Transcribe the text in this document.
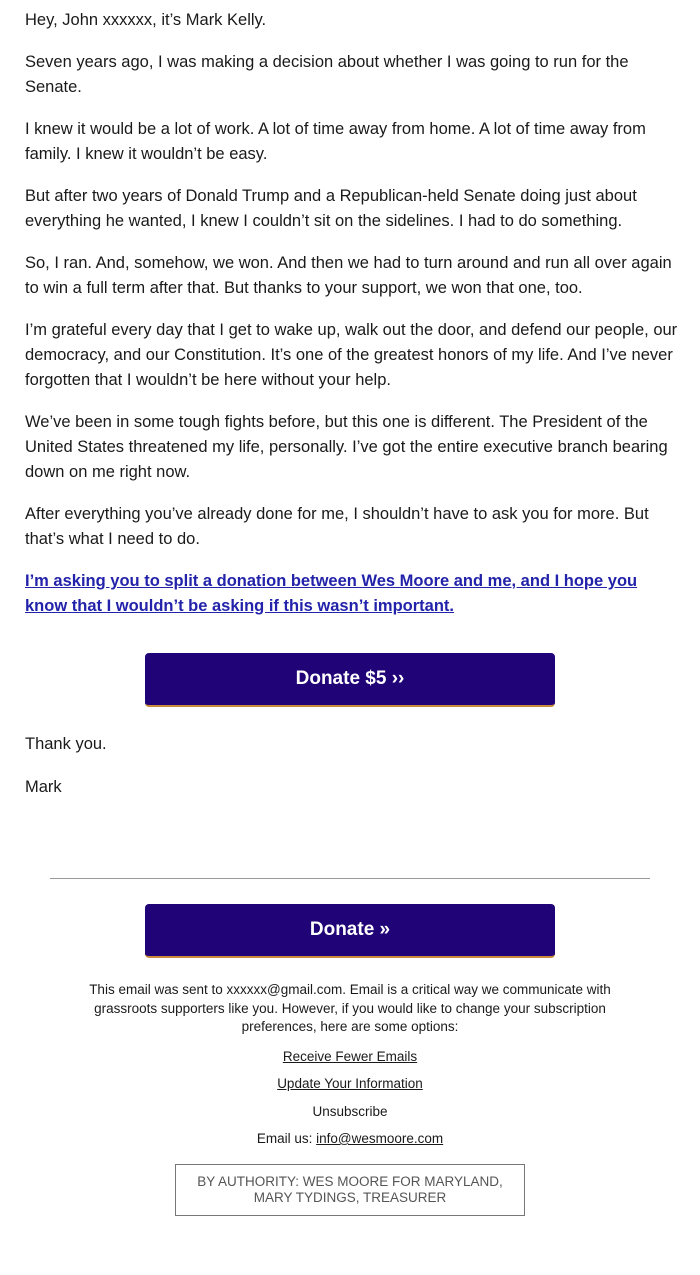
Hey, John xxxxxx, it’s Mark Kelly.

Seven years ago, I was making a decision about whether I was going to run for the Senate.

I knew it would be a lot of work. A lot of time away from home. A lot of time away from family. I knew it wouldn’t be easy.

But after two years of Donald Trump and a Republican-held Senate doing just about everything he wanted, I knew I couldn’t sit on the sidelines. I had to do something.

So, I ran. And, somehow, we won. And then we had to turn around and run all over again to win a full term after that. But thanks to your support, we won that one, too.

I’m grateful every day that I get to wake up, walk out the door, and defend our people, our democracy, and our Constitution. It’s one of the greatest honors of my life. And I’ve never forgotten that I wouldn’t be here without your help.

We’ve been in some tough fights before, but this one is different. The President of the United States threatened my life, personally. I’ve got the entire executive branch bearing down on me right now.

After everything you’ve already done for me, I shouldn’t have to ask you for more. But that’s what I need to do.

I’m asking you to split a donation between Wes Moore and me, and I hope you know that I wouldn’t be asking if this wasn’t important.

Donate $5 ››

Thank you.

Mark

Donate »

This email was sent to xxxxxx@gmail.com. Email is a critical way we communicate with grassroots supporters like you. However, if you would like to change your subscription preferences, here are some options:

Receive Fewer Emails

Update Your Information

Unsubscribe

Email us: info@wesmoore.com

BY AUTHORITY: WES MOORE FOR MARYLAND,
MARY TYDINGS, TREASURER
